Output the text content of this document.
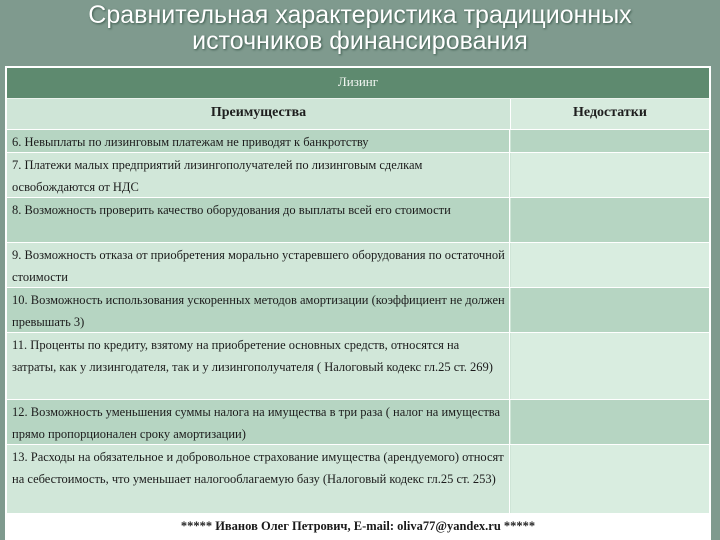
Сравнительная характеристика традиционных
источников финансирования
Лизинг
Преимущества	Недостатки
6. Невыплаты по лизинговым платежам не приводят к банкротству
7. Платежи малых предприятий лизингополучателей по лизинговым сделкам освобождаются от НДС
8. Возможность проверить качество оборудования до выплаты всей его стоимости
9. Возможность отказа от приобретения морально устаревшего оборудования по остаточной стоимости
10. Возможность использования ускоренных методов амортизации (коэффициент не должен превышать 3)
11. Проценты по кредиту, взятому на приобретение основных средств, относятся на затраты, как у лизингодателя, так и у лизингополучателя ( Налоговый кодекс гл.25 ст. 269)
12. Возможность уменьшения суммы налога на имущества в три раза ( налог на имущества прямо пропорционален сроку амортизации)
13. Расходы на обязательное и добровольное страхование имущества (арендуемого) относят на себестоимость, что уменьшает налогооблагаемую базу (Налоговый кодекс гл.25 ст. 253)
***** Иванов Олег Петрович, E-mail: oliva77@yandex.ru *****
